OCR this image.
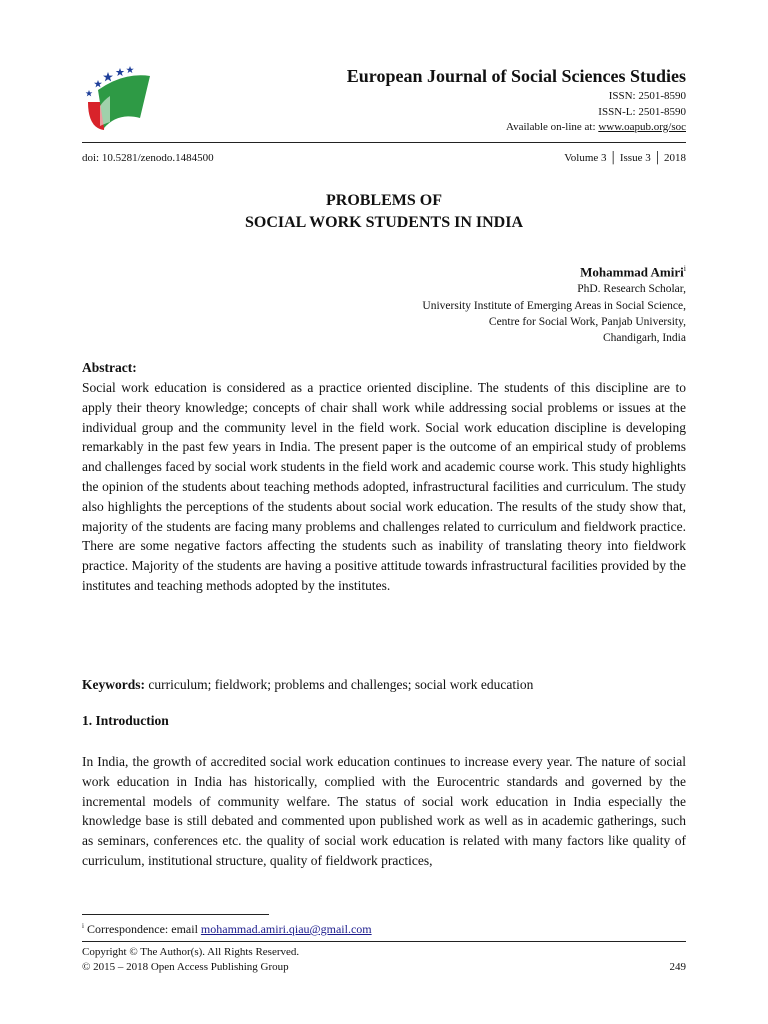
European Journal of Social Sciences Studies
ISSN: 2501-8590
ISSN-L: 2501-8590
Available on-line at: www.oapub.org/soc
doi: 10.5281/zenodo.1484500	Volume 3 │ Issue 3 │ 2018
PROBLEMS OF
SOCIAL WORK STUDENTS IN INDIA
Mohammad Amiri$^i$
PhD. Research Scholar,
University Institute of Emerging Areas in Social Science,
Centre for Social Work, Panjab University,
Chandigarh, India
Abstract:
Social work education is considered as a practice oriented discipline. The students of this discipline are to apply their theory knowledge; concepts of chair shall work while addressing social problems or issues at the individual group and the community level in the field work. Social work education discipline is developing remarkably in the past few years in India. The present paper is the outcome of an empirical study of problems and challenges faced by social work students in the field work and academic course work. This study highlights the opinion of the students about teaching methods adopted, infrastructural facilities and curriculum. The study also highlights the perceptions of the students about social work education. The results of the study show that, majority of the students are facing many problems and challenges related to curriculum and fieldwork practice. There are some negative factors affecting the students such as inability of translating theory into fieldwork practice. Majority of the students are having a positive attitude towards infrastructural facilities provided by the institutes and teaching methods adopted by the institutes.
Keywords: curriculum; fieldwork; problems and challenges; social work education
1. Introduction
In India, the growth of accredited social work education continues to increase every year. The nature of social work education in India has historically, complied with the Eurocentric standards and governed by the incremental models of community welfare. The status of social work education in India especially the knowledge base is still debated and commented upon published work as well as in academic gatherings, such as seminars, conferences etc. the quality of social work education is related with many factors like quality of curriculum, institutional structure, quality of fieldwork practices,
$^i$ Correspondence: email mohammad.amiri.qiau@gmail.com
Copyright © The Author(s). All Rights Reserved.
© 2015 – 2018 Open Access Publishing Group	249
